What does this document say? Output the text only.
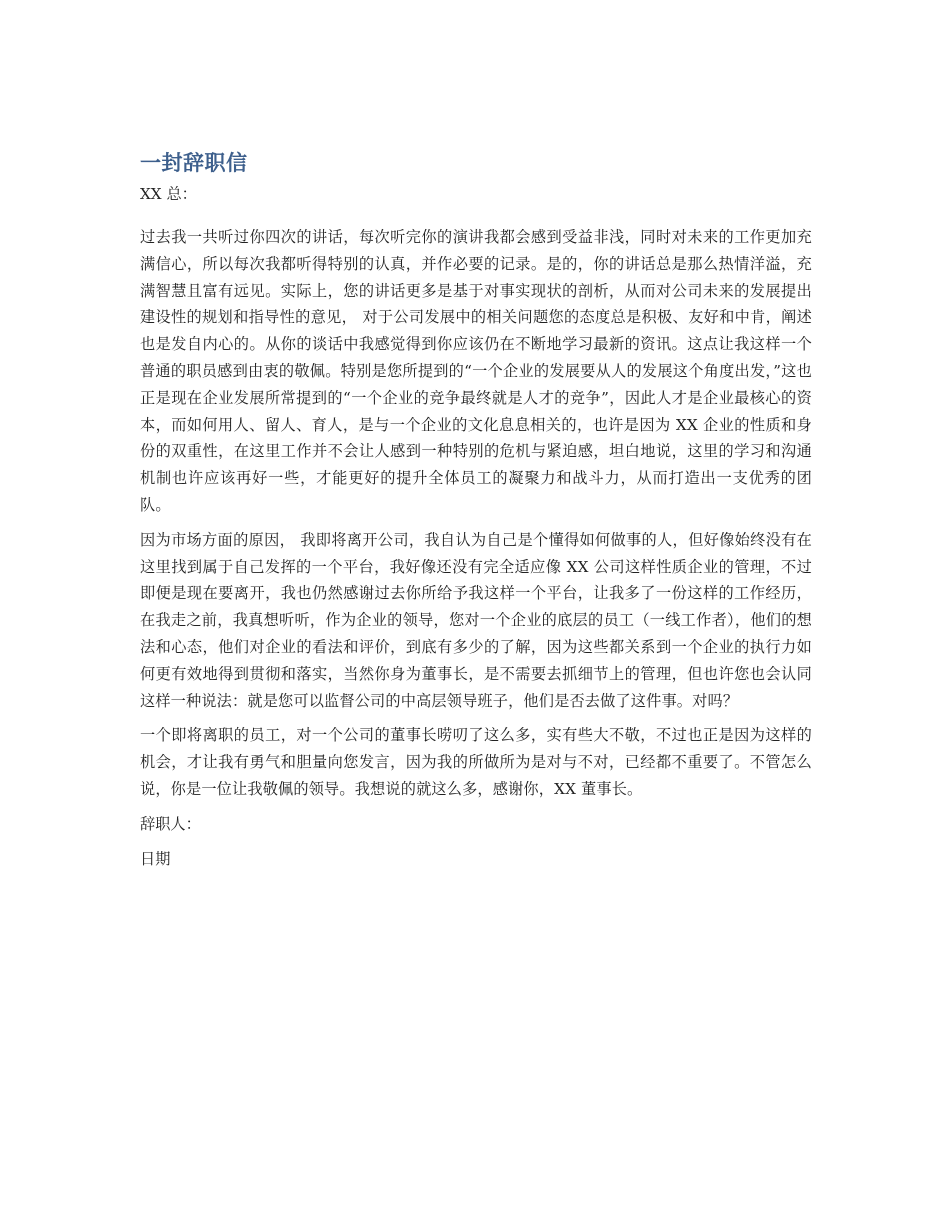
一封辞职信
XX 总：

过去我一共听过你四次的讲话，每次听完你的演讲我都会感到受益非浅，同时对未来的工作更加充满信心，所以每次我都听得特别的认真，并作必要的记录。是的，你的讲话总是那么热情洋溢，充满智慧且富有远见。实际上，您的讲话更多是基于对事实现状的剖析，从而对公司未来的发展提出建设性的规划和指导性的意见， 对于公司发展中的相关问题您的态度总是积极、友好和中肯，阐述也是发自内心的。从你的谈话中我感觉得到你应该仍在不断地学习最新的资讯。这点让我这样一个普通的职员感到由衷的敬佩。特别是您所提到的“一个企业的发展要从人的发展这个角度出发，”这也正是现在企业发展所常提到的“一个企业的竞争最终就是人才的竞争”，因此人才是企业最核心的资本，而如何用人、留人、育人，是与一个企业的文化息息相关的，也许是因为 XX 企业的性质和身份的双重性，在这里工作并不会让人感到一种特别的危机与紧迫感，坦白地说，这里的学习和沟通机制也许应该再好一些，才能更好的提升全体员工的凝聚力和战斗力，从而打造出一支优秀的团队。

因为市场方面的原因， 我即将离开公司，我自认为自己是个懂得如何做事的人，但好像始终没有在这里找到属于自己发挥的一个平台，我好像还没有完全适应像 XX 公司这样性质企业的管理，不过即便是现在要离开，我也仍然感谢过去你所给予我这样一个平台，让我多了一份这样的工作经历，在我走之前，我真想听听，作为企业的领导，您对一个企业的底层的员工（一线工作者），他们的想法和心态，他们对企业的看法和评价，到底有多少的了解，因为这些都关系到一个企业的执行力如何更有效地得到贯彻和落实，当然你身为董事长，是不需要去抓细节上的管理，但也许您也会认同这样一种说法：就是您可以监督公司的中高层领导班子，他们是否去做了这件事。对吗？

一个即将离职的员工，对一个公司的董事长唠叨了这么多，实有些大不敬，不过也正是因为这样的机会，才让我有勇气和胆量向您发言，因为我的所做所为是对与不对，已经都不重要了。不管怎么说，你是一位让我敬佩的领导。我想说的就这么多，感谢你，XX 董事长。

辞职人：
日期
